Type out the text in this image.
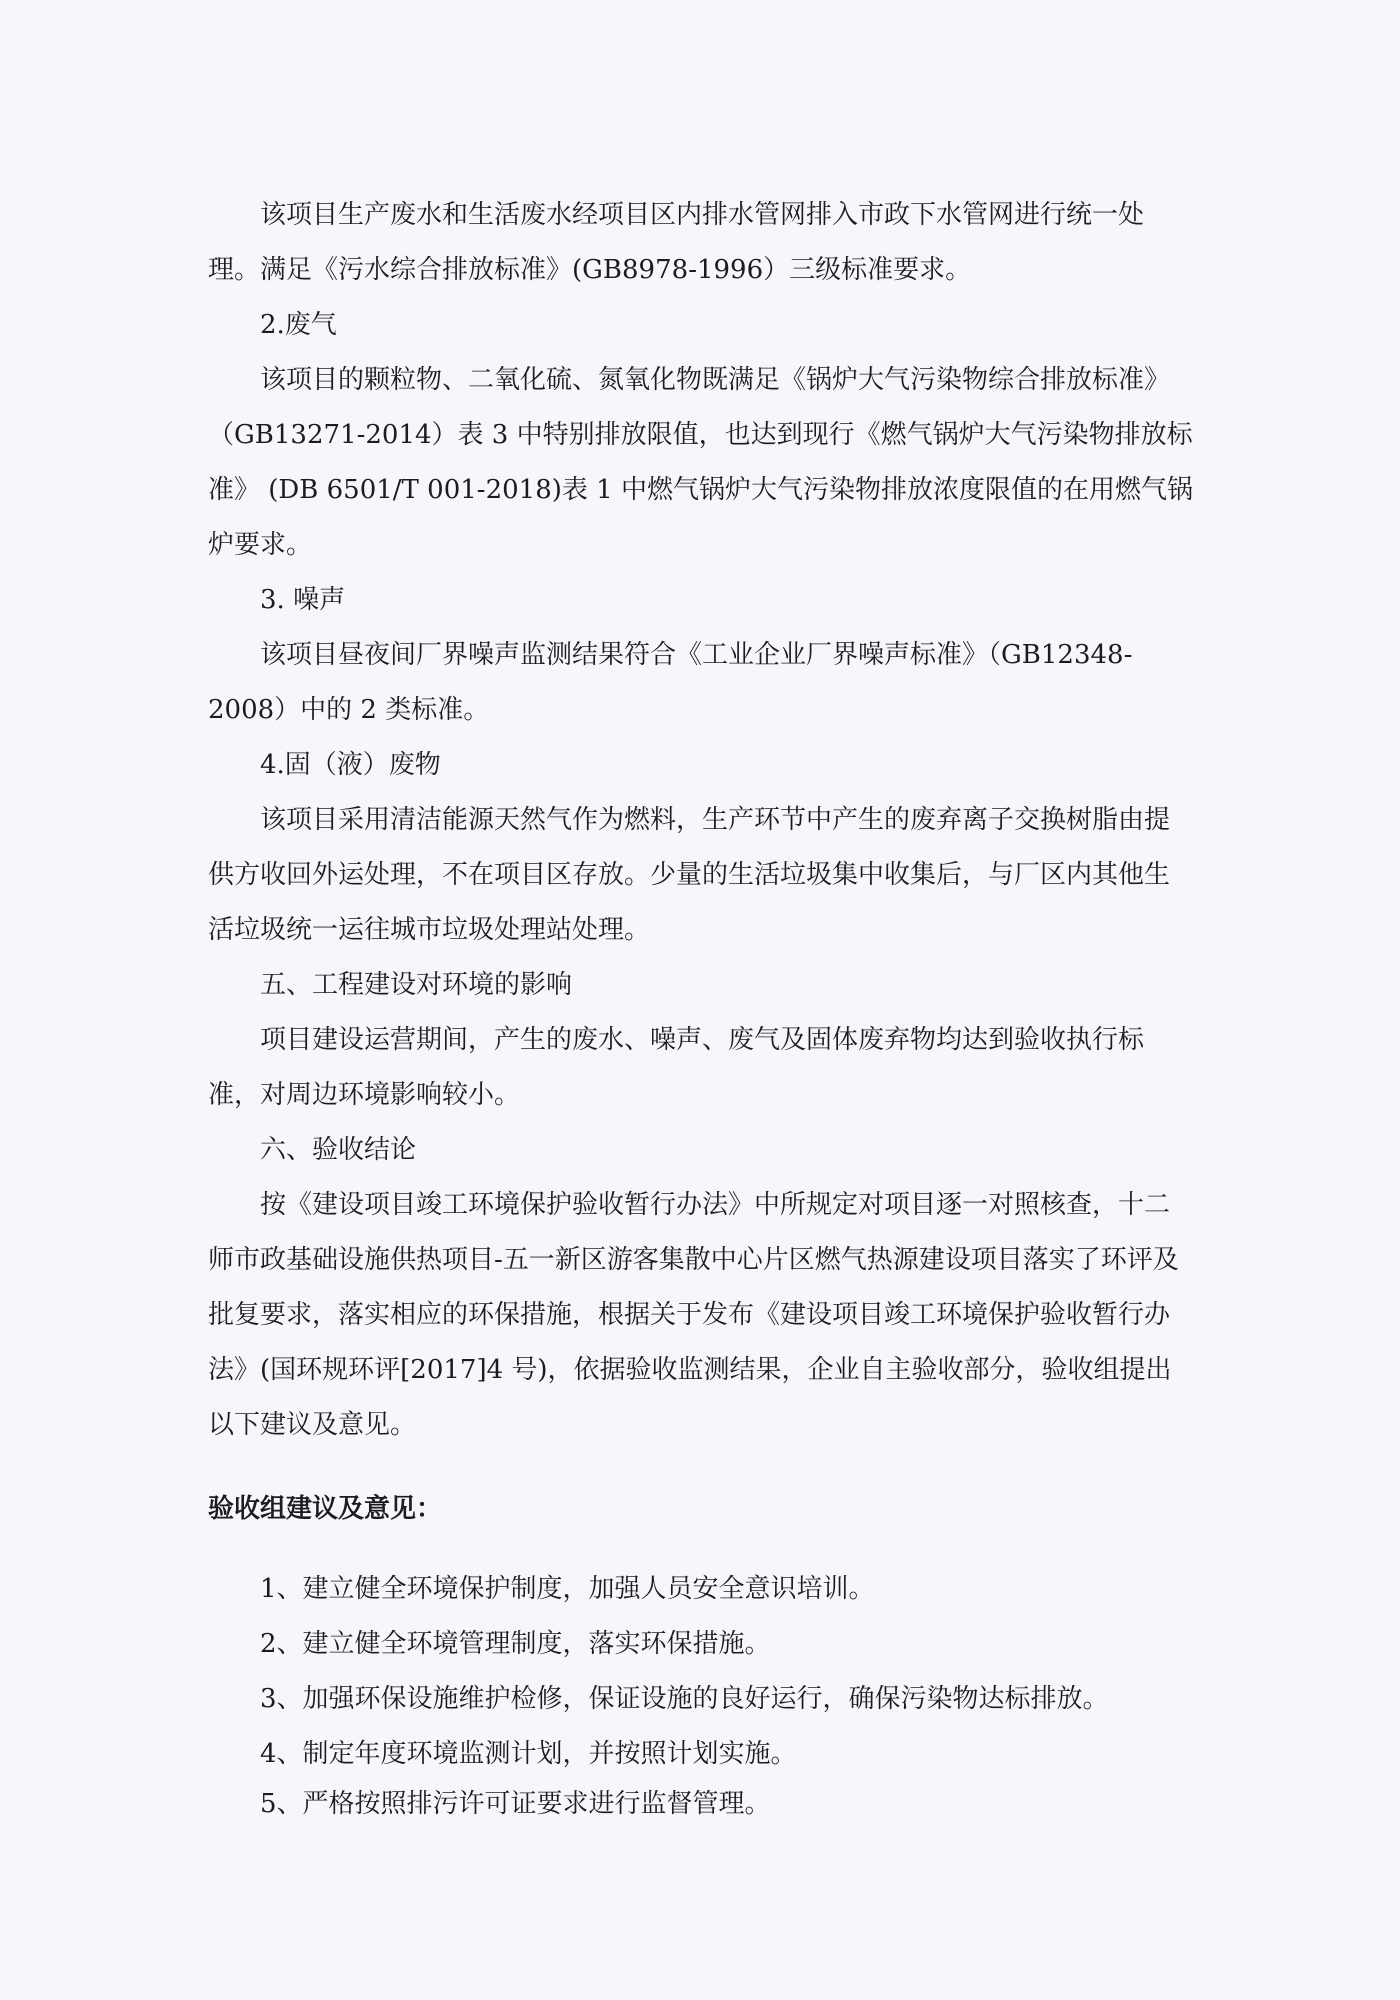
该项目生产废水和生活废水经项目区内排水管网排入市政下水管网进行统一处理。满足《污水综合排放标准》(GB8978-1996）三级标准要求。

2.废气

该项目的颗粒物、二氧化硫、氮氧化物既满足《锅炉大气污染物综合排放标准》（GB13271-2014）表 3 中特别排放限值，也达到现行《燃气锅炉大气污染物排放标准》 (DB 6501/T 001-2018)表 1 中燃气锅炉大气污染物排放浓度限值的在用燃气锅炉要求。

3. 噪声

该项目昼夜间厂界噪声监测结果符合《工业企业厂界噪声标准》（GB12348-2008）中的 2 类标准。

4.固（液）废物

该项目采用清洁能源天然气作为燃料，生产环节中产生的废弃离子交换树脂由提供方收回外运处理，不在项目区存放。少量的生活垃圾集中收集后，与厂区内其他生活垃圾统一运往城市垃圾处理站处理。

五、工程建设对环境的影响

项目建设运营期间，产生的废水、噪声、废气及固体废弃物均达到验收执行标准，对周边环境影响较小。

六、验收结论

按《建设项目竣工环境保护验收暂行办法》中所规定对项目逐一对照核查，十二师市政基础设施供热项目-五一新区游客集散中心片区燃气热源建设项目落实了环评及批复要求，落实相应的环保措施，根据关于发布《建设项目竣工环境保护验收暂行办法》(国环规环评[2017]4 号)，依据验收监测结果，企业自主验收部分，验收组提出以下建议及意见。

验收组建议及意见：

1、建立健全环境保护制度，加强人员安全意识培训。

2、建立健全环境管理制度，落实环保措施。

3、加强环保设施维护检修，保证设施的良好运行，确保污染物达标排放。

4、制定年度环境监测计划，并按照计划实施。

5、严格按照排污许可证要求进行监督管理。
